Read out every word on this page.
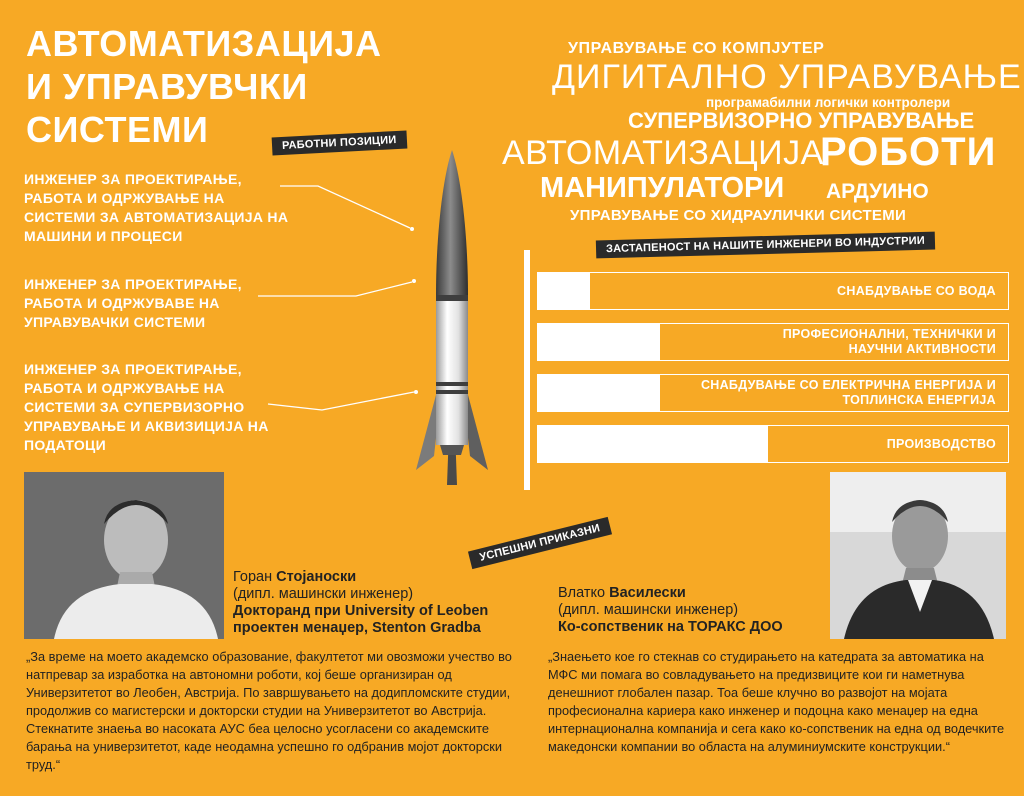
АВТОМАТИЗАЦИЈА
И УПРАВУВЧКИ
СИСТЕМИ	РАБОТНИ ПОЗИЦИИ
ИНЖЕНЕР ЗА ПРОЕКТИРАЊЕ, РАБОТА И ОДРЖУВАЊЕ НА СИСТЕМИ ЗА АВТОМАТИЗАЦИЈА НА МАШИНИ И ПРОЦЕСИ
ИНЖЕНЕР ЗА ПРОЕКТИРАЊЕ, РАБОТА И ОДРЖУВАВЕ НА УПРАВУВАЧКИ СИСТЕМИ
ИНЖЕНЕР ЗА ПРОЕКТИРАЊЕ, РАБОТА И ОДРЖУВАЊЕ НА СИСТЕМИ ЗА СУПЕРВИЗОРНО УПРАВУВАЊЕ И АКВИЗИЦИЈА НА ПОДАТОЦИ
УПРАВУВАЊЕ СО КОМПЈУТЕР
ДИГИТАЛНО УПРАВУВАЊЕ
програмабилни логички контролери
СУПЕРВИЗОРНО УПРАВУВАЊЕ
АВТОМАТИЗАЦИЈА
РОБОТИ
МАНИПУЛАТОРИ АРДУИНО
УПРАВУВАЊЕ СО ХИДРАУЛИЧКИ СИСТЕМИ
ЗАСТАПЕНОСТ НА НАШИТЕ ИНЖЕНЕРИ ВО ИНДУСТРИИ
СНАБДУВАЊЕ СО ВОДА
ПРОФЕСИОНАЛНИ, ТЕХНИЧКИ И НАУЧНИ АКТИВНОСТИ
СНАБДУВАЊЕ СО ЕЛЕКТРИЧНА ЕНЕРГИЈА И ТОПЛИНСКА ЕНЕРГИЈА
ПРОИЗВОДСТВО
УСПЕШНИ ПРИКАЗНИ
Горан Стојаноски
(дипл. машински инженер)
Докторанд при University of Leoben
проектен менаџер, Stenton Gradba
„За време на моето академско образование, факултетот ми овозможи учество во натпревар за изработка на автономни роботи, кој беше организиран од Универзитетот во Леобен, Австрија. По завршувањето на додипломските студии, продолжив со магистерски и докторски студии на Универзитетот во Австрија. Стекнатите знаења во насоката АУС беа целосно усогласени со академските барања на универзитетот, каде неодамна успешно го одбранив мојот докторски труд.“
Влатко Василески
(дипл. машински инженер)
Ко-сопственик на ТОРАКС ДОО
„Знаењето кое го стекнав со студирањето на катедрата за автоматика на МФС ми помага во совладувањето на предизвиците кои ги наметнува денешниот глобален пазар. Тоа беше клучно во развојот на мојата професионална кариера како инженер и подоцна како менаџер на една интернационална компанија и сега како ко-сопственик на една од водечките македонски компании во областа на алуминиумските конструкции.“
